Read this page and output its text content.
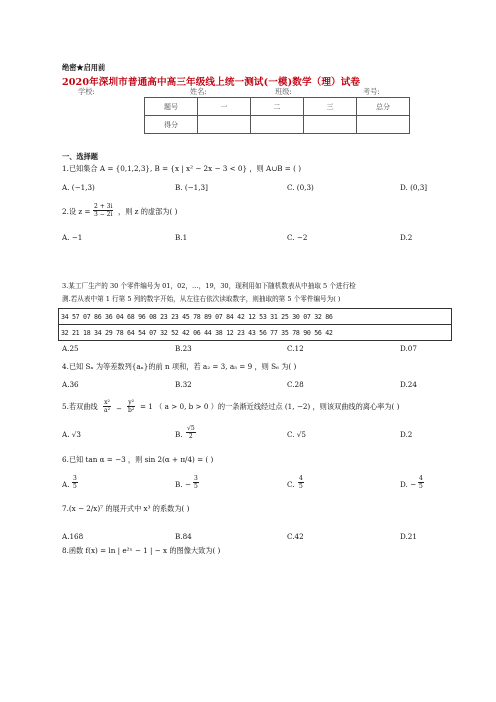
绝密★启用前
2020年深圳市普通高中高三年级线上统一测试(一模)数学（理）试卷
学校:	姓名:	班级:	考号:
题号	一	二	三	总分
得分				
一、选择题
1.已知集合 A = {0,1,2,3}, B = {x | x² − 2x − 3 < 0} ，则 A∪B = ( )
A. (−1,3)	B. (−1,3]	C. (0,3)	D. (0,3]
2.设 $z = \frac{2 + 3i}{3 - 2i}$ ，则 z 的虚部为( )
A. −1	B.1	C. −2	D.2
3.某工厂生产的 30 个零件编号为 01，02，…，19，30，现利用如下随机数表从中抽取 5 个进行检
测.若从表中第 1 行第 5 列的数字开始，从左往右依次读取数字，则抽取的第 5 个零件编号为( )
34 57 07 86 36 04 68 96 08 23 23 45 78 89 07 84 42 12 53 31 25 30 07 32 86
32 21 18 34 29 78 64 54 07 32 52 42 06 44 38 12 23 43 56 77 35 78 90 56 42
A.25	B.23	C.12	D.07
4.已知 Sₙ 为等差数列{aₙ}的前 n 项和，若 a₂ = 3, a₅ = 9 ，则 S₆ 为( )
A.36	B.32	C.28	D.24
5.若双曲线 $\frac{\text{x²}}{\text{a²}} - \frac{\text{y²}}{\text{b²}} = 1$ （ a > 0, b > 0 ）的一条渐近线经过点 (1, −2) ，则该双曲线的离心率为( )
A. √3	B. $\frac{√5}{2}$	C. √5	D.2
6.已知 tan α = −3 ，则 sin 2(α + π/4) = ( )
A. $\frac{3}{5}$	B. − $\frac{3}{5}$	C. $\frac{4}{5}$	D. − $\frac{4}{5}$
7.(x − 2/x)⁷ 的展开式中 x³ 的系数为( )
A.168	B.84	C.42	D.21
8.函数 f(x) = ln | e²ˣ − 1 | − x 的图像大致为( )
